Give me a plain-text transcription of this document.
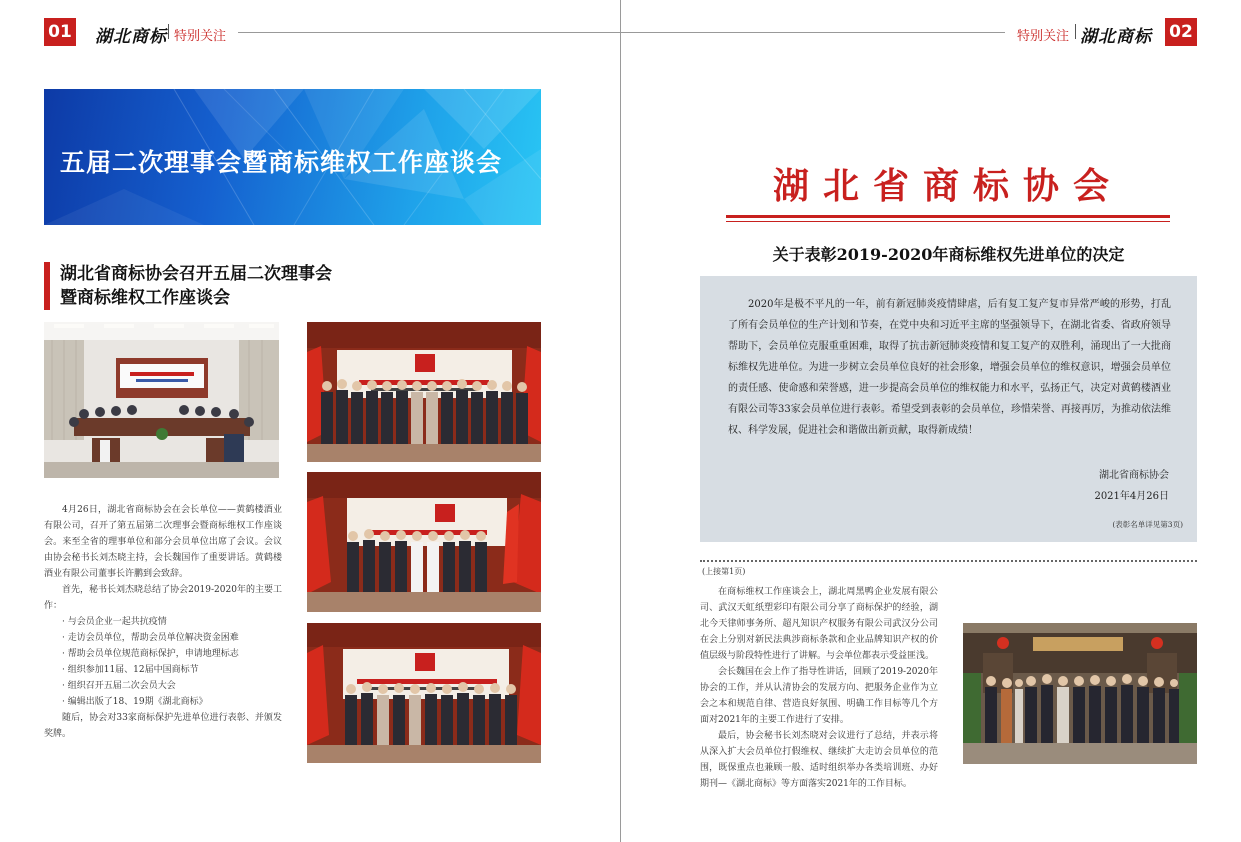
01 湖北商标 特别关注
五届二次理事会暨商标维权工作座谈会
湖北省商标协会召开五届二次理事会
暨商标维权工作座谈会

4月26日，湖北省商标协会在会长单位——黄鹤楼酒业有限公司，召开了第五届第二次理事会暨商标维权工作座谈会。来至全省的理事单位和部分会员单位出席了会议。会议由协会秘书长刘杰晓主持，会长魏国作了重要讲话。黄鹤楼酒业有限公司董事长许鹏到会致辞。

首先，秘书长刘杰晓总结了协会2019-2020年的主要工作：

· 与会员企业一起共抗疫情
· 走访会员单位，帮助会员单位解决资金困难
· 帮助会员单位规范商标保护，申请地理标志
· 组织参加11届、12届中国商标节
· 组织召开五届二次会员大会
· 编辑出版了18、19期《湖北商标》

随后，协会对33家商标保护先进单位进行表彰、并颁发奖牌。

特别关注 湖北商标 02
湖北省商标协会
关于表彰2019-2020年商标维权先进单位的决定

2020年是极不平凡的一年，前有新冠肺炎疫情肆虐，后有复工复产复市异常严峻的形势，打乱了所有会员单位的生产计划和节奏，在党中央和习近平主席的坚强领导下，在湖北省委、省政府领导帮助下，会员单位克服重重困难，取得了抗击新冠肺炎疫情和复工复产的双胜利，涌现出了一大批商标维权先进单位。为进一步树立会员单位良好的社会形象，增强会员单位的维权意识，增强会员单位的责任感、使命感和荣誉感，进一步提高会员单位的维权能力和水平，弘扬正气，决定对黄鹤楼酒业有限公司等33家会员单位进行表彰。希望受到表彰的会员单位，珍惜荣誉、再接再厉，为推动依法维权、科学发展，促进社会和谐做出新贡献，取得新成绩！

湖北省商标协会
2021年4月26日
(表彰名单详见第3页)
(上接第1页)

在商标维权工作座谈会上，湖北周黑鸭企业发展有限公司、武汉天虹纸塑彩印有限公司分享了商标保护的经验，湖北今天律师事务所、超凡知识产权服务有限公司武汉分公司在会上分别对新民法典涉商标条款和企业品牌知识产权的价值层级与阶段特性进行了讲解。与会单位都表示受益匪浅。

会长魏国在会上作了指导性讲话，回顾了2019-2020年协会的工作，并从认清协会的发展方向、把服务企业作为立会之本和规范自律、营造良好氛围、明确工作目标等几个方面对2021年的主要工作进行了安排。

最后，协会秘书长刘杰晓对会议进行了总结，并表示将从深入扩大会员单位打假维权、继续扩大走访会员单位的范围，既保重点也兼顾一般、适时组织举办各类培训班、办好期刊—《湖北商标》等方面落实2021年的工作目标。
